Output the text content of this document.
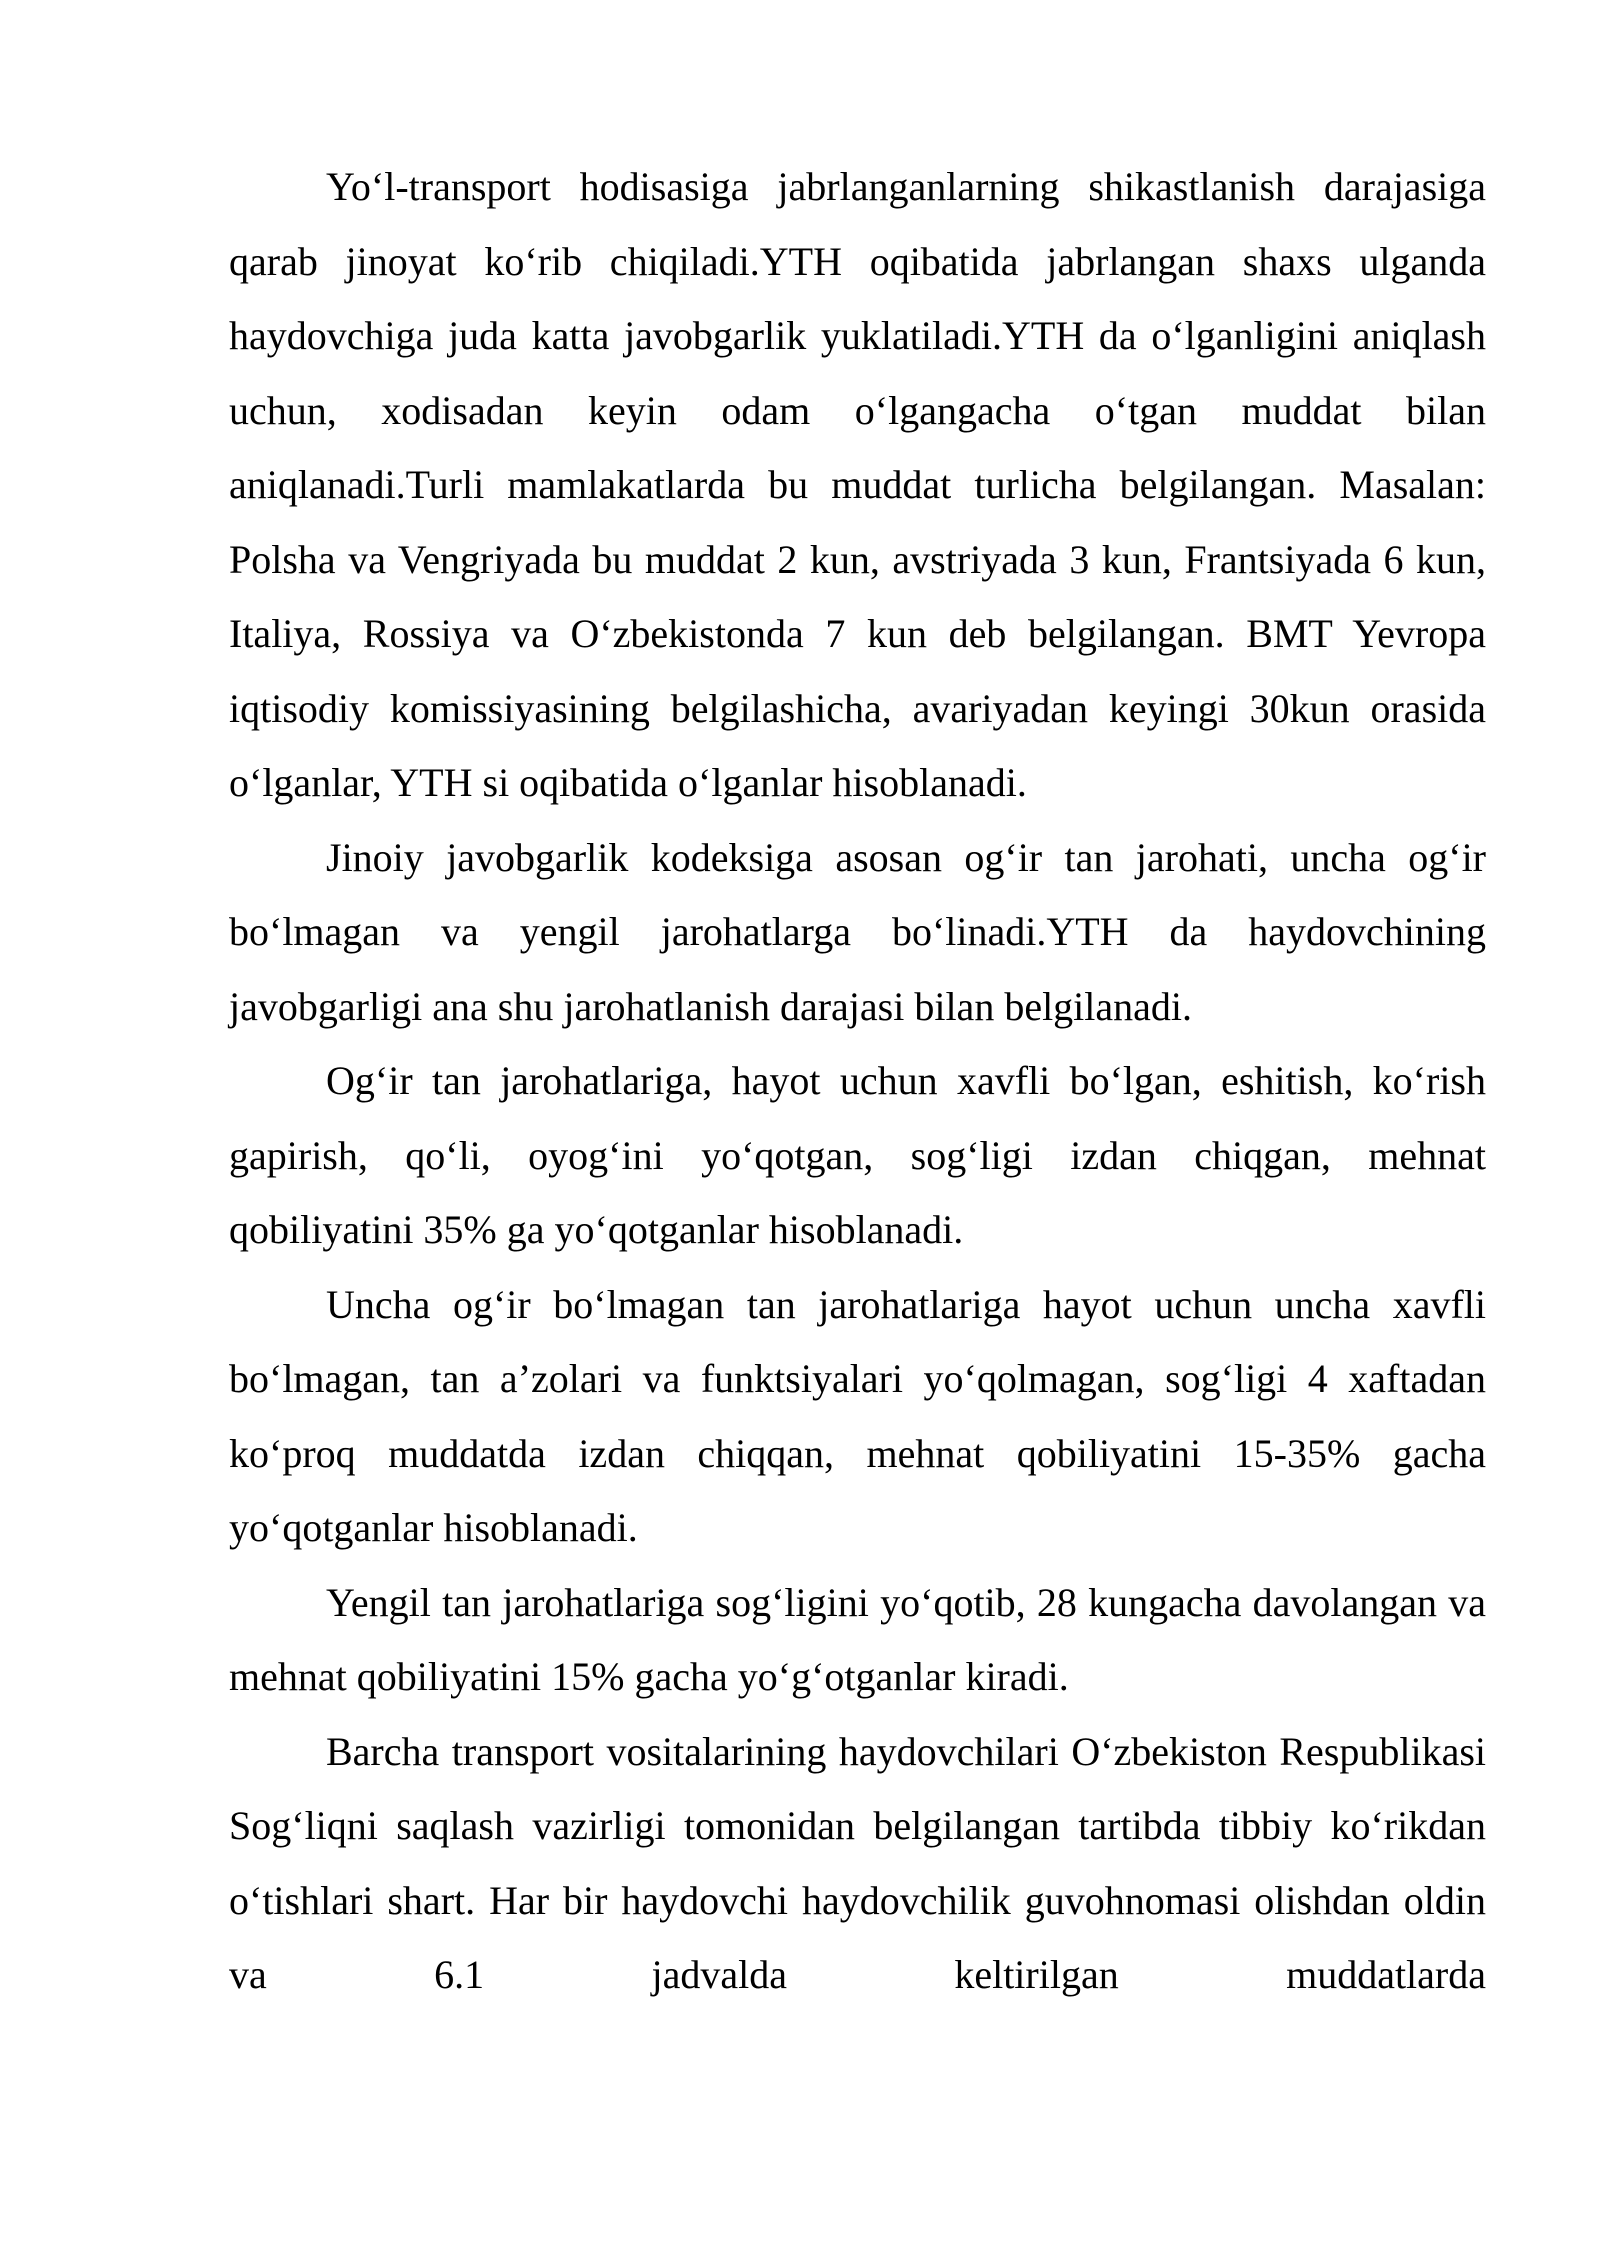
Yo‘l-transport hodisasiga jabrlanganlarning shikastlanish darajasiga qarab jinoyat ko‘rib chiqiladi.YTH oqibatida jabrlangan shaxs ulganda haydovchiga juda katta javobgarlik yuklatiladi.YTH da o‘lganligini aniqlash uchun, xodisadan keyin odam o‘lgangacha o‘tgan muddat bilan aniqlanadi.Turli mamlakatlarda bu muddat turlicha belgilangan. Masalan: Polsha va Vengriyada bu muddat 2 kun, avstriyada 3 kun, Frantsiyada 6 kun, Italiya, Rossiya va O‘zbekistonda 7 kun deb belgilangan. BMT Yevropa iqtisodiy komissiyasining belgilashicha, avariyadan keyingi 30kun orasida o‘lganlar, YTH si oqibatida o‘lganlar hisoblanadi.

Jinoiy javobgarlik kodeksiga asosan og‘ir tan jarohati, uncha og‘ir bo‘lmagan va yengil jarohatlarga bo‘linadi.YTH da haydovchining javobgarligi ana shu jarohatlanish darajasi bilan belgilanadi.

Og‘ir tan jarohatlariga, hayot uchun xavfli bo‘lgan, eshitish, ko‘rish gapirish, qo‘li, oyog‘ini yo‘qotgan, sog‘ligi izdan chiqgan, mehnat qobiliyatini 35% ga yo‘qotganlar hisoblanadi.

Uncha og‘ir bo‘lmagan tan jarohatlariga hayot uchun uncha xavfli bo‘lmagan, tan a’zolari va funktsiyalari yo‘qolmagan, sog‘ligi 4 xaftadan ko‘proq muddatda izdan chiqqan, mehnat qobiliyatini 15-35% gacha yo‘qotganlar hisoblanadi.

Yengil tan jarohatlariga sog‘ligini yo‘qotib, 28 kungacha davolangan va mehnat qobiliyatini 15% gacha yo‘g‘otganlar kiradi.

Barcha transport vositalarining haydovchilari O‘zbekiston Respublikasi Sog‘liqni saqlash vazirligi tomonidan belgilangan tartibda tibbiy ko‘rikdan o‘tishlari shart. Har bir haydovchi haydovchilik guvohnomasi olishdan oldin va 6.1 jadvalda keltirilgan muddatlarda
